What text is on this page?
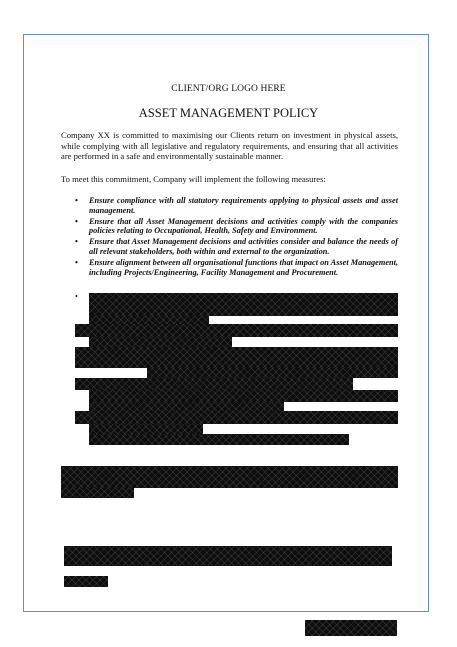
CLIENT/ORG LOGO HERE
ASSET MANAGEMENT POLICY

Company XX is committed to maximising our Clients return on investment in physical assets, while complying with all legislative and regulatory requirements, and ensuring that all activities are performed in a safe and environmentally sustainable manner.

To meet this commitment, Company will implement the following measures:

• Ensure compliance with all statutory requirements applying to physical assets and asset management.
• Ensure that all Asset Management decisions and activities comply with the companies policies relating to Occupational, Health, Safety and Environment.
• Ensure that Asset Management decisions and activities consider and balance the needs of all relevant stakeholders, both within and external to the organization.
• Ensure alignment between all organisational functions that impact on Asset Management, including Projects/Engineering, Facility Management and Procurement.
•
